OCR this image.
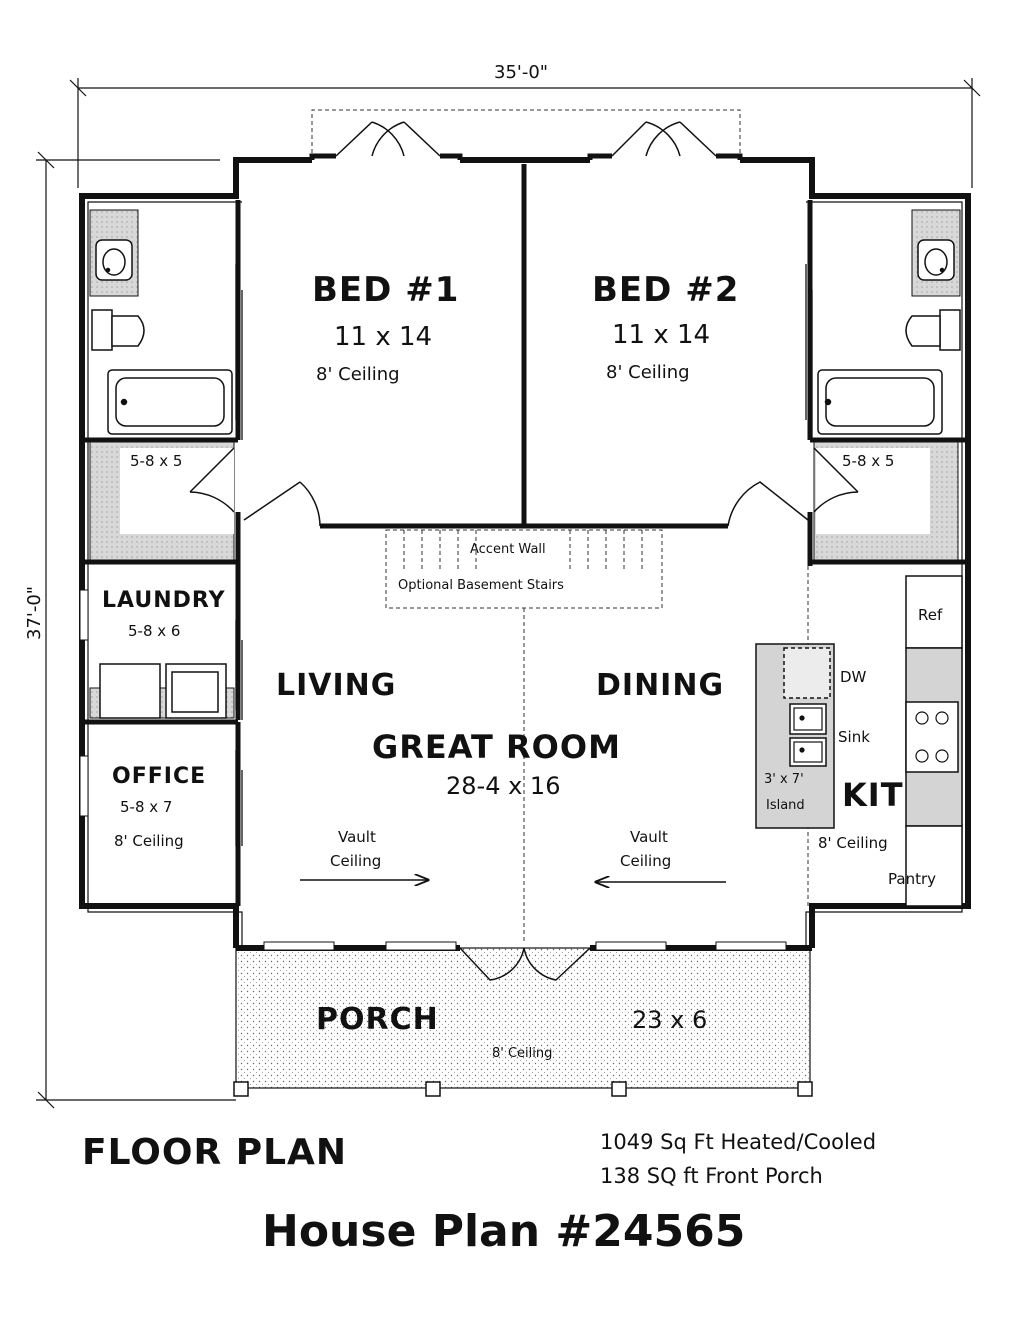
35'-0"
37'-0"
BED #1
11 x 14
8' Ceiling
BED #2
11 x 14
8' Ceiling
5-8 x 5	5-8 x 5
Accent Wall
Optional Basement Stairs
LAUNDRY
5-8 x 6
OFFICE
5-8 x 7
8' Ceiling
LIVING	DINING
GREAT ROOM
28-4 x 16
Vault
Ceiling
Vault
Ceiling
Ref
DW
Sink
3' x 7'
Island KIT
8' Ceiling
Pantry
PORCH	23 x 6
8' Ceiling
FLOOR PLAN	1049 Sq Ft Heated/Cooled
138 SQ ft Front Porch
House Plan #24565
